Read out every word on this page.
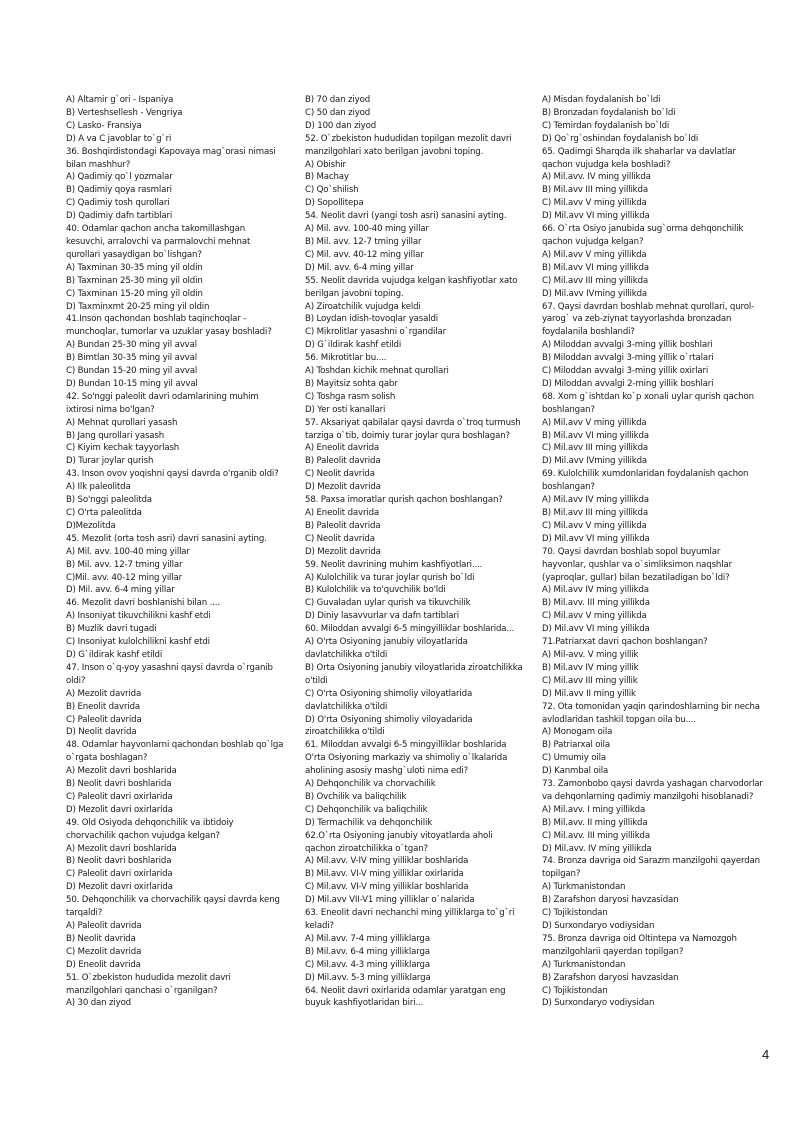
A) Altamir g`ori - Ispaniya
B) Verteshsellesh - Vengriya
C) Lasko- Fransiya
D) A va C javoblar to`g`ri
36. Boshqirdistondagi Kapovaya mag`orasi nimasi
bilan mashhur?
A) Qadimiy qo`l yozmalar
B) Qadimiy qoya rasmlari
C) Qadimiy tosh qurollari
D) Qadimiy dafn tartiblari
40. Odamlar qachon ancha takomillashgan
kesuvchi, arralovchi va parmalovchi mehnat
qurollari yasaydigan bo`lishgan?
A) Taxminan 30-35 ming yil oldin
B) Taxminan 25-30 ming yil oldin
C) Taxminan 15-20 ming yil oldin
D) Taxminxmt 20-25 ming yil oldin
41.Inson qachondan boshlab taqinchoqlar -
munchoqlar, tumorlar va uzuklar yasay boshladi?
A) Bundan 25-30 ming yil avval
B) Bimtlan 30-35 ming yil avval
C) Bundan 15-20 ming yil avval
D) Bundan 10-15 ming yil avval
42. So'nggi paleolit davri odamlarining muhim
ixtirosi nima bo'lgan?
A) Mehnat qurollari yasash
B) Jang qurollari yasash
C) Kiyim kechak tayyorlash
D) Turar joylar qurish
43. Inson ovov yoqishni qaysi davrda o'rganib oldi?
A) Ilk paleolitda
B) So'nggi paleolitda
C) O'rta paleolitda
D)Mezolitda
45. Mezolit (orta tosh asri) davri sanasini ayting.
A) Mil. avv. 100-40 ming yillar
B) Mil. avv. 12-7 tming yillar
C)Mil. avv. 40-12 ming yillar
D) Mil. avv. 6-4 ming yillar
46. Mezolit davri boshlanishi bilan ....
A) Insoniyat tikuvchilikni kashf etdi
B) Muzlik davri tugadi
C) Insoniyat kulolchilikni kashf etdi
D) G`ildirak kashf etildi
47. Inson o`q-yoy yasashni qaysi davrda o`rganib
oldi?
A) Mezolit davrida
B) Eneolit davrida
C) Paleolit davrida
D) Neolit davrida
48. Odamlar hayvonlarni qachondan boshlab qo`lga
o`rgata boshlagan?
A) Mezolit davri boshlarida
B) Neolit davri boshlarida
C) Paleolit davri oxirlarida
D) Mezolit davri oxirlarida
49. Old Osiyoda dehqonchilik va ibtidoiy
chorvachilik qachon vujudga kelgan?
A) Mezolit davri boshlarida
B) Neolit davri boshlarida
C) Paleolit davri oxirlarida
D) Mezolit davri oxirlarida
50. Dehqonchilik va chorvachilik qaysi davrda keng
tarqaldi?
A) Paleolit davrida
B) Neolit davrida
C) Mezolit davrida
D) Eneolit davrida
51. O`zbekiston hududida mezolit davri
manzilgohlari qanchasi o`rganilgan?
A) 30 dan ziyod
B) 70 dan ziyod
C) 50 dan ziyod
D) 100 dan ziyod
52. O`zbekiston hududidan topilgan mezolit davri
manzilgohlari xato berilgan javobni toping.
A) Obishir
B) Machay
C) Qo`shilish
D) Sopollitepa
54. Neolit davri (yangi tosh asri) sanasini ayting.
A) Mil. avv. 100-40 ming yillar
B) Mil. avv. 12-7 tming yillar
C) Mil. avv. 40-12 ming yillar
D) Mil. avv. 6-4 ming yillar
55. Neolit davrida vujudga kelgan kashfiyotlar xato
berilgan javobni toping.
A) Ziroatchilik vujudga keldi
B) Loydan idish-tovoqlar yasaldi
C) Mikrolitlar yasashni o`rgandilar
D) G`ildirak kashf etildi
56. Mikrotitlar bu....
A) Toshdan kichik mehnat qurollari
B) Mayitsiz sohta qabr
C) Toshga rasm solish
D) Yer osti kanallari
57. Aksariyat qabilalar qaysi davrda o`troq turmush
tarziga o`tib, doimiy turar joylar qura boshlagan?
A) Eneolit davrida
B) Paleolit davrida
C) Neolit davrida
D) Mezolit davrida
58. Paxsa imoratlar qurish qachon boshlangan?
A) Eneolit davrida
B) Paleolit davrida
C) Neolit davrida
D) Mezolit davrida
59. Neolit davrining muhim kashfiyotlari....
A) Kulolchilik va turar joylar qurish bo`ldi
B) Kulolchilik va to'quvchilik bo'ldi
C) Guvaladan uylar qurish va tikuvchilik
D) Diniy lasavvurlar va dafn tartiblari
60. Miloddan avvalgi 6-5 mingyilliklar boshlarida...
A) O'rta Osiyoning janubiy viloyatlarida
davlatchilikka o'tildi
B) Orta Osiyoning janubiy viloyatlarida ziroatchilikka
o'tildi
C) O'rta Osiyoning shimoliy viloyatlarida
davlatchilikka o'tildi
D) O'rta Osiyoning shimoliy viloyadarida
ziroatchilikka o'tildi
61. Miloddan avvalgi 6-5 mingyilliklar boshlarida
O'rta Osiyoning markaziy va shimoliy o`lkalarida
aholining asosiy mashg`uloti nima edi?
A) Dehqonchilik va chorvachilik
B) Ovchilik va baliqchilik
C) Dehqonchilik va baliqchilik
D) Termachilik va dehqonchilik
62.O`rta Osiyoning janubiy vitoyatlarda aholi
qachon ziroatchilikka o`tgan?
A) Mil.avv. V-IV ming yilliklar boshlarida
B) Mil.avv. VI-V ming yilliklar oxirlarida
C) Mil.avv. VI-V ming yilliklar boshlarida
D) Mil.avv VII-V1 ming yilliklar o`nalarida
63. Eneolit davri nechanchi ming yilliklarga to`g`ri
keladi?
A) Mil.avv. 7-4 ming yilliklarga
B) Mil.avv. 6-4 ming yilliklarga
C) Mil.avv. 4-3 ming yilliklarga
D) Mil.avv. 5-3 ming yilliklarga
64. Neolit davri oxirlarida odamlar yaratgan eng
buyuk kashfiyotlaridan biri...
A) Misdan foydalanish bo`ldi
B) Bronzadan foydalanish bo`ldi
C) Temirdan foydalanish bo`ldi
D) Qo`rg`oshindan foydalanish bo`ldi
65. Qadimgi Sharqda ilk shaharlar va davlatlar
qachon vujudga kela boshladi?
A) Mil.avv. IV ming yillikda
B) Mil.avv III ming yillikda
C) Mil.avv V ming yillikda
D) Mil.avv VI ming yillikda
66. O`rta Osiyo janubida sug`orma dehqonchilik
qachon vujudga kelgan?
A) Mil.avv V ming yillikda
B) Mil.avv VI ming yillikda
C) Mil.avv III ming yillikda
D) Mil.avv IVming yillikda
67. Qaysi davrdan boshlab mehnat qurollari, qurol-
yarog` va zeb-ziynat tayyorlashda bronzadan
foydalanila boshlandi?
A) Miloddan avvalgi 3-ming yillik boshlari
B) Miloddan avvalgi 3-ming yillik o`rtalari
C) Miloddan avvalgi 3-ming yillik oxirlari
D) Miloddan avvalgi 2-ming yillik boshlari
68. Xom g`ishtdan ko`p xonali uylar qurish qachon
boshlangan?
A) Mil.avv V ming yillikda
B) Mil.avv VI ming yillikda
C) Mil.avv III ming yillikda
D) Mil.avv IVming yillikda
69. Kulolchilik xumdonlaridan foydalanish qachon
boshlangan?
A) Mil.avv IV ming yillikda
B) Mil.avv III ming yillikda
C) Mil.avv V ming yillikda
D) Mil.avv VI ming yillikda
70. Qaysi davrdan boshlab sopol buyumlar
hayvonlar, qushlar va o`simliksimon naqshlar
(yaproqlar, gullar) bilan bezatiladigan bo`ldi?
A) Mil.avv IV ming yillikda
B) Mil.avv. III ming yillikda
C) Mil.avv V ming yillikda
D) Mil.avv VI ming yillikda
71.Patriarxat davri qachon boshlangan?
A) Mil-avv. V ming yillik
B) Mil.avv IV ming yillik
C) Mil.avv III ming yillik
D) Mil.avv II ming yillik
72. Ota tomonidan yaqin qarindoshlarning bir necha
avlodlaridan tashkil topgan oila bu....
A) Monogam oila
B) Patriarxal oila
C) Umumiy oila
D) Kanmbal oila
73. Zamonbobo qaysi davrda yashagan charvodorlar
va dehqonlarning qadimiy manzilgohi hisoblanadi?
A) Mil.avv. I ming yillikda
B) Mil.avv. II ming yillikda
C) Mil.avv. III ming yillikda
D) Mil.avv. IV ming yillikda
74. Bronza davriga oid Sarazm manzilgohi qayerdan
topilgan?
A) Turkmanistondan
B) Zarafshon daryosi havzasidan
C) Tojikistondan
D) Surxondaryo vodiysidan
75. Bronza davriga oid Oltintepa va Namozgoh
manzilgohlarii qayerdan topilgan?
A) Turkmanistondan
B) Zarafshon daryosi havzasidan
C) Tojikistondan
D) Surxondaryo vodiysidan
4
